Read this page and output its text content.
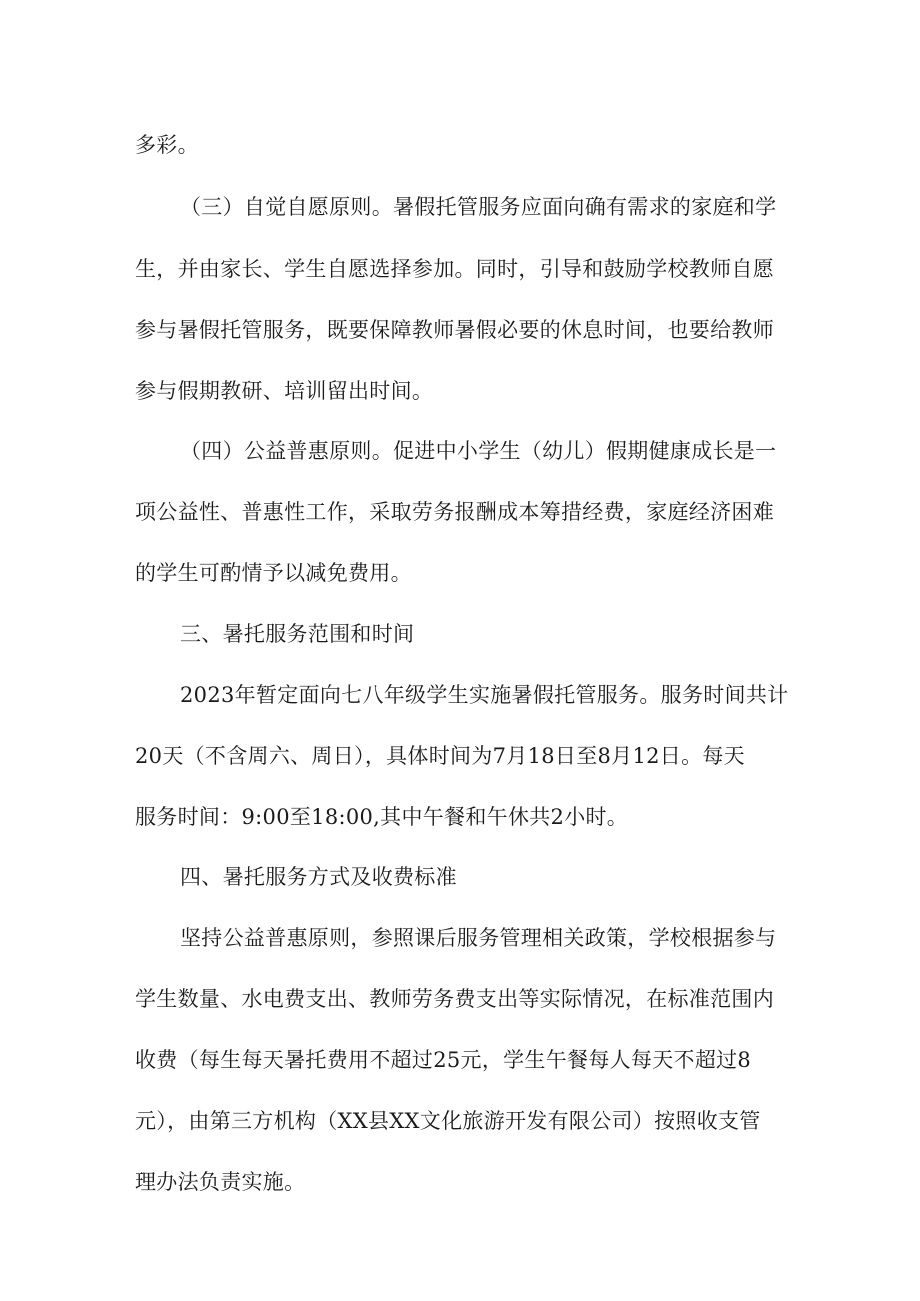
多彩。
（三）自觉自愿原则。暑假托管服务应面向确有需求的家庭和学
生，并由家长、学生自愿选择参加。同时，引导和鼓励学校教师自愿
参与暑假托管服务，既要保障教师暑假必要的休息时间，也要给教师
参与假期教研、培训留出时间。
（四）公益普惠原则。促进中小学生（幼儿）假期健康成长是一
项公益性、普惠性工作，采取劳务报酬成本筹措经费，家庭经济困难
的学生可酌情予以减免费用。
三、暑托服务范围和时间
2023年暂定面向七八年级学生实施暑假托管服务。服务时间共计
20天（不含周六、周日），具体时间为7月18日至8月12日。每天
服务时间：9:00至18:00,其中午餐和午休共2小时。
四、暑托服务方式及收费标准
坚持公益普惠原则，参照课后服务管理相关政策，学校根据参与
学生数量、水电费支出、教师劳务费支出等实际情况，在标准范围内
收费（每生每天暑托费用不超过25元，学生午餐每人每天不超过8
元），由第三方机构（XX县XX文化旅游开发有限公司）按照收支管
理办法负责实施。
